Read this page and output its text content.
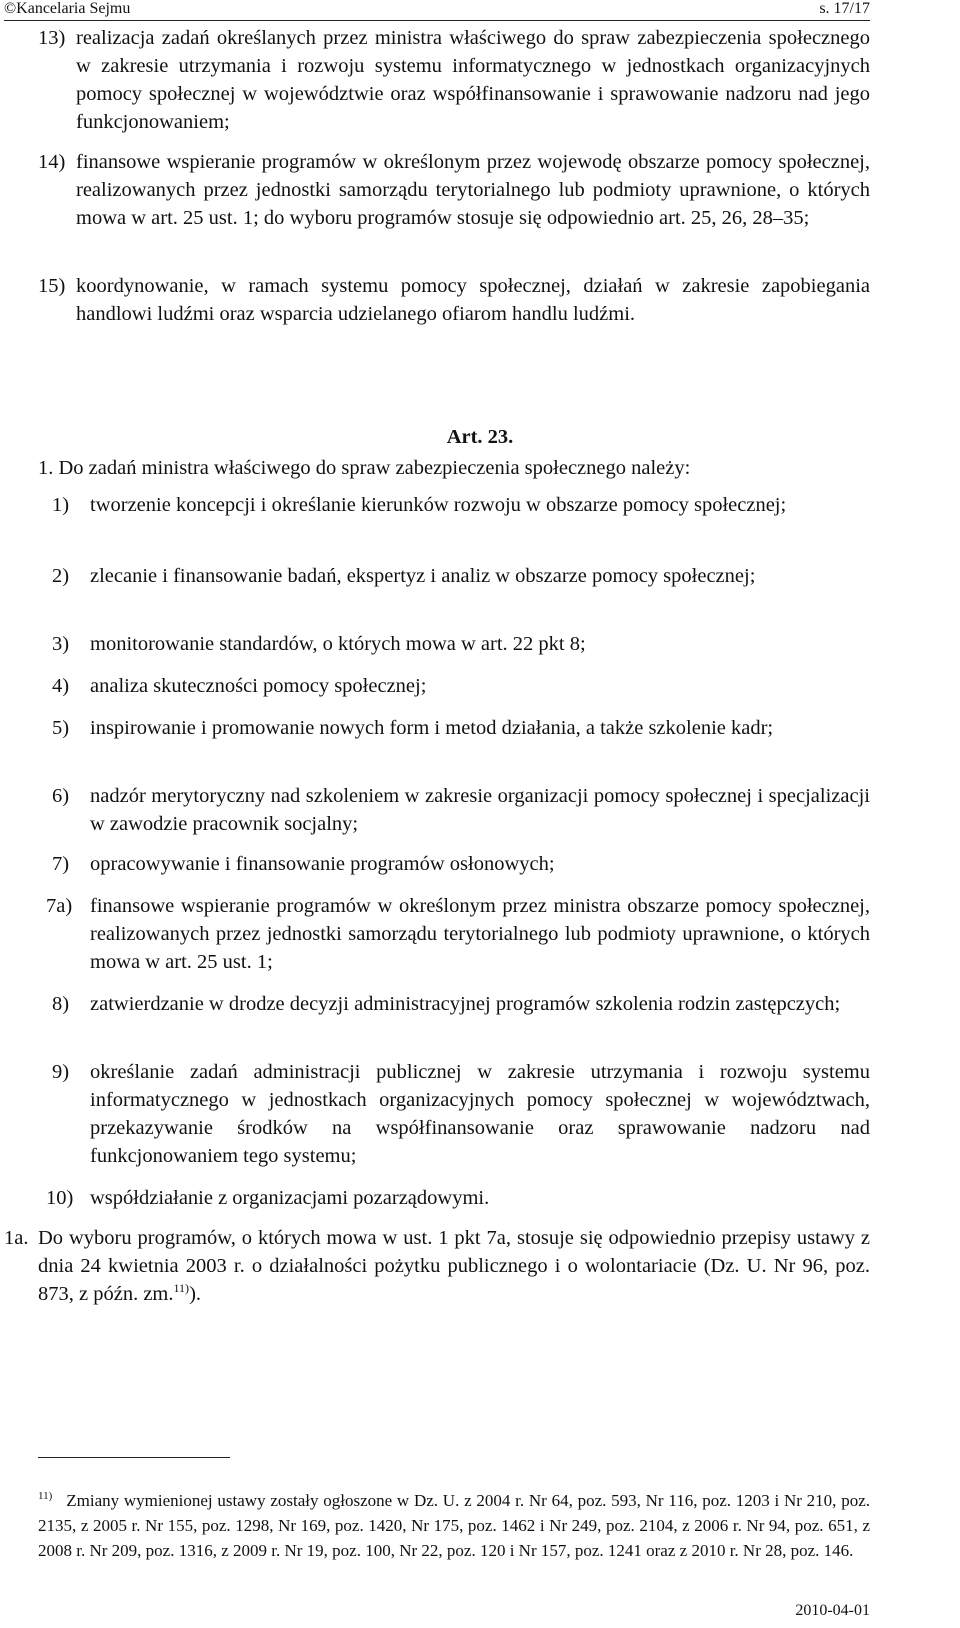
©Kancelaria Sejmu	s. 17/17
13) realizacja zadań określanych przez ministra właściwego do spraw zabezpieczenia społecznego w zakresie utrzymania i rozwoju systemu informatycznego w jednostkach organizacyjnych pomocy społecznej w województwie oraz współfinansowanie i sprawowanie nadzoru nad jego funkcjonowaniem;
14) finansowe wspieranie programów w określonym przez wojewodę obszarze pomocy społecznej, realizowanych przez jednostki samorządu terytorialnego lub podmioty uprawnione, o których mowa w art. 25 ust. 1; do wyboru programów stosuje się odpowiednio art. 25, 26, 28–35;
15) koordynowanie, w ramach systemu pomocy społecznej, działań w zakresie zapobiegania handlowi ludźmi oraz wsparcia udzielanego ofiarom handlu ludźmi.
Art. 23.
1. Do zadań ministra właściwego do spraw zabezpieczenia społecznego należy:
1) tworzenie koncepcji i określanie kierunków rozwoju w obszarze pomocy społecznej;
2) zlecanie i finansowanie badań, ekspertyz i analiz w obszarze pomocy społecznej;
3) monitorowanie standardów, o których mowa w art. 22 pkt 8;
4) analiza skuteczności pomocy społecznej;
5) inspirowanie i promowanie nowych form i metod działania, a także szkolenie kadr;
6) nadzór merytoryczny nad szkoleniem w zakresie organizacji pomocy społecznej i specjalizacji w zawodzie pracownik socjalny;
7) opracowywanie i finansowanie programów osłonowych;
7a) finansowe wspieranie programów w określonym przez ministra obszarze pomocy społecznej, realizowanych przez jednostki samorządu terytorialnego lub podmioty uprawnione, o których mowa w art. 25 ust. 1;
8) zatwierdzanie w drodze decyzji administracyjnej programów szkolenia rodzin zastępczych;
9) określanie zadań administracji publicznej w zakresie utrzymania i rozwoju systemu informatycznego w jednostkach organizacyjnych pomocy społecznej w województwach, przekazywanie środków na współfinansowanie oraz sprawowanie nadzoru nad funkcjonowaniem tego systemu;
10) współdziałanie z organizacjami pozarządowymi.
1a. Do wyboru programów, o których mowa w ust. 1 pkt 7a, stosuje się odpowiednio przepisy ustawy z dnia 24 kwietnia 2003 r. o działalności pożytku publicznego i o wolontariacie (Dz. U. Nr 96, poz. 873, z późn. zm.$^{11)}$).
$^{11)}$ Zmiany wymienionej ustawy zostały ogłoszone w Dz. U. z 2004 r. Nr 64, poz. 593, Nr 116, poz. 1203 i Nr 210, poz. 2135, z 2005 r. Nr 155, poz. 1298, Nr 169, poz. 1420, Nr 175, poz. 1462 i Nr 249, poz. 2104, z 2006 r. Nr 94, poz. 651, z 2008 r. Nr 209, poz. 1316, z 2009 r. Nr 19, poz. 100, Nr 22, poz. 120 i Nr 157, poz. 1241 oraz z 2010 r. Nr 28, poz. 146.
2010-04-01
